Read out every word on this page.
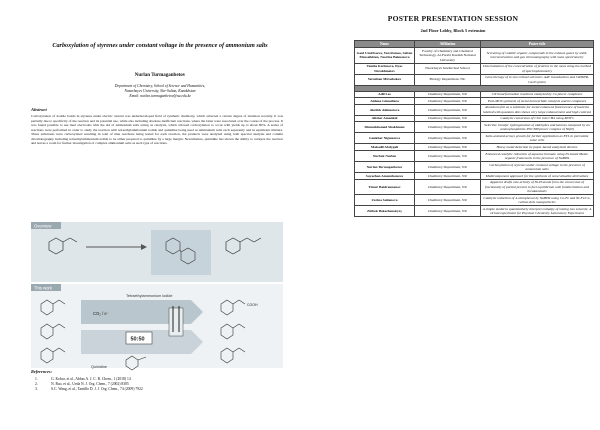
Carboxylation of styrenes under constant voltage in the presence of ammonium salts
Nurlan Turmaganbetov
Department of Chemistry, School of Science and Humanities,
Nazarbayev University, Nur-Sultan, Kazakhstan
Email: nurlan.turmaganbetov@nu.edu.kz
Abstract
Carboxylation of double bonds in styrenes under electric current was underdeveloped field of synthetic chemistry, which attracted a certain degree of attention recently. It was partially due to specificity of the reaction and its potential use, while also including absolute-inefficient reactions, where the latter were associated over the course of the process. It was found possible to use inert electrodes with the aid of ammonium salts acting as catalysts, which allowed carboxylation to occur with yields up to about 80%. A series of reactions were performed in order to study the reaction with tetraethylammonium iodide and quinidine being used as ammonium salts each separately and in equimolar mixture. Three substrates were carboxylated resulting in total of nine reactions being tested for each reaction, the products were analyzed using both spectral analysis and column chromatography including tetraethylammonium iodide to be either prepared to quinidine by a large margin. Nevertheless, quinidine has shown the ability to catalyze the reaction and leaves a room for further investigation of complex ammonium salts as such type of reactions.
Overview
This work
Tetraethylammonium iodide
CO₂ / e⁻
50:50
COOH
Quinidine
References:
1.	G. Kobra, et al., Abbas A. J. C. R. Chem., 1 (2018) 14
2.	N. Rao, et al., Ueda N. J. Org. Chem., 7 (2002) 8305
3.	S.C. Wang, et al., Tantillo D. J. J. Org. Chem., 74 (2009) 7922
POSTER PRESENTATION SESSION
2nd Floor Lobby, Block 5 extension
Name	Affiliation	Poster title
Gaul Umirbaeva, Yan Ramos, Saltan Mussalidzen, Nasrlua Baimatova	Faculty of Chemistry and Chemical Technology, Al-Farabi Kazakh National University	Screening of volatile organic compounds in the exhaust gases by solid-microextraction and gas chromatography with mass spectrometry
Tamila Karimova, Ilyas Nurakhmetov	Nazarbayev Intellectual School	Determination of the concentration of proteins in the meat using the method of spectrophotometry
Yersultan Mirasbekov	Biology Department, NU	Gene therapy of in vivo retinal sclerosis: AAV transduction and CRISPR-Cas9 system

Adil Les	Chemistry Department, NU	CN bond formation reactions catalyzed by Co pincer complexes
Aidana Gimadiaza	Chemistry Department, NU	Post-MOS synthesis of metal borocarbide catalysts and its complexes
Akzlick Akhmetova	Chemistry Department, NU	Aluminum foil as a substrate for metal enhanced fluorescence of bacteria labeled with quantum dots shows very large enhancement and high contrast
Alisher Amankul	Chemistry Department, NU	Catalytic conversion of CO2 into CH4 using MOFs
Dinmukhamed Shakhman	Chemistry Department, NU	Selective transfer hydrogenation of aldehydes and ketones catalyzed by an aminophosphinite POCNH pincer complex of Ni(II)
Gaukhar Nigmetova	Chemistry Department, NU	Salts-assisted arrays growth for further application as ETL in perovskite solar cells
Makadil Abdygali	Chemistry Department, NU	Heavy metal detection by paper-based analytical devices
Nurbek Nurlan	Chemistry Department, NU	Enhanced catalytic reduction of aqueous bromate using Ni-based Metal-organic framework in the presence of NaBH4
Nurlan Turmaganbetov	Chemistry Department, NU	Carboxylation of styrenes under constant voltage in the presence of ammonium salts
Sayazhan Amanzhanova	Chemistry Department, NU	Multicomponent approach for the synthesis of novel alkaline derivatives
Timur Baidraunanov	Chemistry Department, NU	Apparent drafts rate activity of Ni-H anode from the conversion of fractionally of partial present in fuel equilibrium with fumblerization and breakaminals
Zarina Sailanova	Chemistry Department, NU	Catalytic reduction of 4-nitrophenol by NaBH4 using Co-Fe and Ni-Fe/Cu-carbon dots nanoparticles
Zhibek Bekezhanskyzy	Chemistry Department, NU	A simple model to quantitatively interpret enthalpy of mixing two solvents: A virtual experiment for Physical Chemistry Laboratory Experiment
